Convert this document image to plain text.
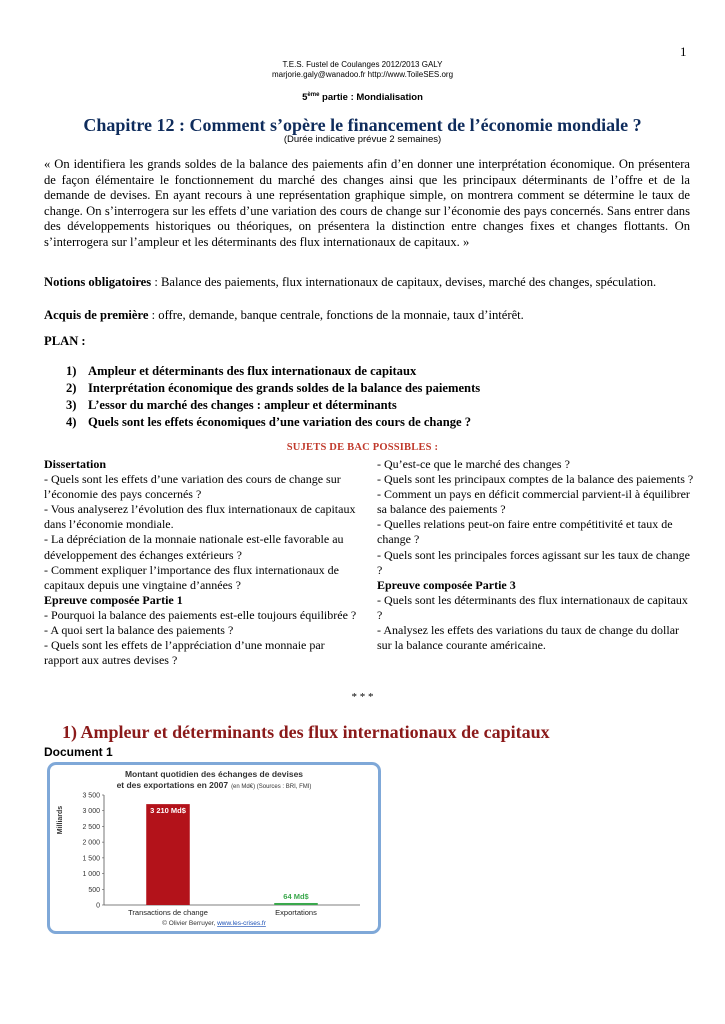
1
T.E.S. Fustel de Coulanges 2012/2013 GALY
marjorie.galy@wanadoo.fr http://www.ToileSES.org
5ème partie : Mondialisation
Chapitre 12 : Comment s’opère le financement de l’économie mondiale ?
(Durée indicative prévue 2 semaines)

« On identifiera les grands soldes de la balance des paiements afin d’en donner une interprétation économique. On présentera de façon élémentaire le fonctionnement du marché des changes ainsi que les principaux déterminants de l’offre et de la demande de devises. En ayant recours à une représentation graphique simple, on montrera comment se détermine le taux de change. On s’interrogera sur les effets d’une variation des cours de change sur l’économie des pays concernés. Sans entrer dans des développements historiques ou théoriques, on présentera la distinction entre changes fixes et changes flottants. On s’interrogera sur l’ampleur et les déterminants des flux internationaux de capitaux. »

Notions obligatoires : Balance des paiements, flux internationaux de capitaux, devises, marché des changes, spéculation.

Acquis de première : offre, demande, banque centrale, fonctions de la monnaie, taux d’intérêt.

PLAN :
1) Ampleur et déterminants des flux internationaux de capitaux
2) Interprétation économique des grands soldes de la balance des paiements
3) L’essor du marché des changes : ampleur et déterminants
4) Quels sont les effets économiques d’une variation des cours de change ?
SUJETS DE BAC POSSIBLES :
Dissertation
- Quels sont les effets d’une variation des cours de change sur l’économie des pays concernés ?
- Vous analyserez l’évolution des flux internationaux de capitaux dans l’économie mondiale.
- La dépréciation de la monnaie nationale est-elle favorable au développement des échanges extérieurs ?
- Comment expliquer l’importance des flux internationaux de capitaux depuis une vingtaine d’années ?
Epreuve composée Partie 1
- Pourquoi la balance des paiements est-elle toujours équilibrée ?
- A quoi sert la balance des paiements ?
- Quels sont les effets de l’appréciation d’une monnaie par rapport aux autres devises ?
- Qu’est-ce que le marché des changes ?
- Quels sont les principaux comptes de la balance des paiements ?
- Comment un pays en déficit commercial parvient-il à équilibrer sa balance des paiements ?
- Quelles relations peut-on faire entre compétitivité et taux de change ?
- Quels sont les principales forces agissant sur les taux de change ?
Epreuve composée Partie 3
- Quels sont les déterminants des flux internationaux de capitaux ?
- Analysez les effets des variations du taux de change du dollar sur la balance courante américaine.
* * *
1) Ampleur et déterminants des flux internationaux de capitaux
Document 1
Montant quotidien des échanges de devises
et des exportations en 2007 (en Md€) (Sources : BRI, FMI)
Milliards
0
500
1 000
1 500
2 000
2 500
3 000
3 500
3 210 Md$
Transactions de change
64 Md$
Exportations
© Olivier Berruyer, www.les-crises.fr
